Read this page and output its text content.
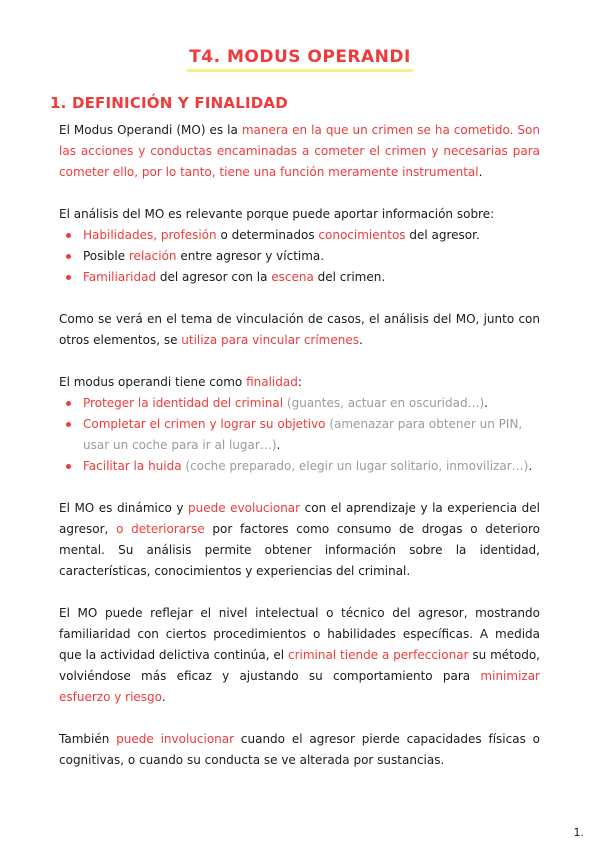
T4. MODUS OPERANDI
1. DEFINICIÓN Y FINALIDAD

El Modus Operandi (MO) es la manera en la que un crimen se ha cometido. Son las acciones y conductas encaminadas a cometer el crimen y necesarias para cometer ello, por lo tanto, tiene una función meramente instrumental.

El análisis del MO es relevante porque puede aportar información sobre:

Habilidades, profesión o determinados conocimientos del agresor.
Posible relación entre agresor y víctima.
Familiaridad del agresor con la escena del crimen.

Como se verá en el tema de vinculación de casos, el análisis del MO, junto con otros elementos, se utiliza para vincular crímenes.

El modus operandi tiene como finalidad:

Proteger la identidad del criminal (guantes, actuar en oscuridad…).
Completar el crimen y lograr su objetivo (amenazar para obtener un PIN, usar un coche para ir al lugar…).
Facilitar la huida (coche preparado, elegir un lugar solitario, inmovilizar…).

El MO es dinámico y puede evolucionar con el aprendizaje y la experiencia del agresor, o deteriorarse por factores como consumo de drogas o deterioro mental. Su análisis permite obtener información sobre la identidad, características, conocimientos y experiencias del criminal.

El MO puede reflejar el nivel intelectual o técnico del agresor, mostrando familiaridad con ciertos procedimientos o habilidades específicas. A medida que la actividad delictiva continúa, el criminal tiende a perfeccionar su método, volviéndose más eficaz y ajustando su comportamiento para minimizar esfuerzo y riesgo.

También puede involucionar cuando el agresor pierde capacidades físicas o cognitivas, o cuando su conducta se ve alterada por sustancias.

1.
